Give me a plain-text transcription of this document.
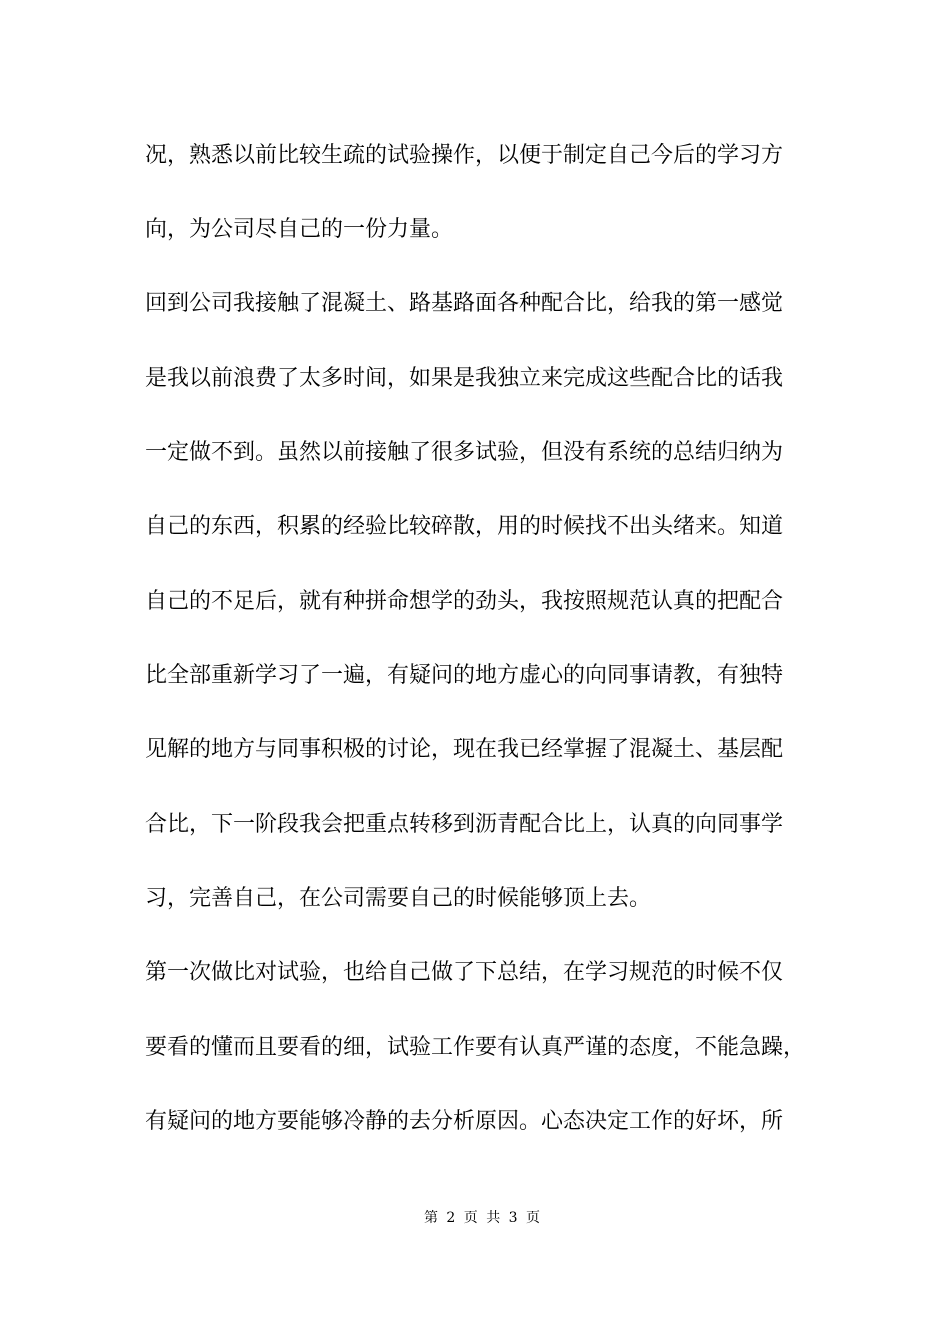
况，熟悉以前比较生疏的试验操作，以便于制定自己今后的学习方
向，为公司尽自己的一份力量。
回到公司我接触了混凝土、路基路面各种配合比，给我的第一感觉
是我以前浪费了太多时间，如果是我独立来完成这些配合比的话我
一定做不到。虽然以前接触了很多试验，但没有系统的总结归纳为
自己的东西，积累的经验比较碎散，用的时候找不出头绪来。知道
自己的不足后，就有种拼命想学的劲头，我按照规范认真的把配合
比全部重新学习了一遍，有疑问的地方虚心的向同事请教，有独特
见解的地方与同事积极的讨论，现在我已经掌握了混凝土、基层配
合比，下一阶段我会把重点转移到沥青配合比上，认真的向同事学
习，完善自己，在公司需要自己的时候能够顶上去。
第一次做比对试验，也给自己做了下总结，在学习规范的时候不仅
要看的懂而且要看的细，试验工作要有认真严谨的态度，不能急躁，
有疑问的地方要能够冷静的去分析原因。心态决定工作的好坏，所
第 2 页 共 3 页
